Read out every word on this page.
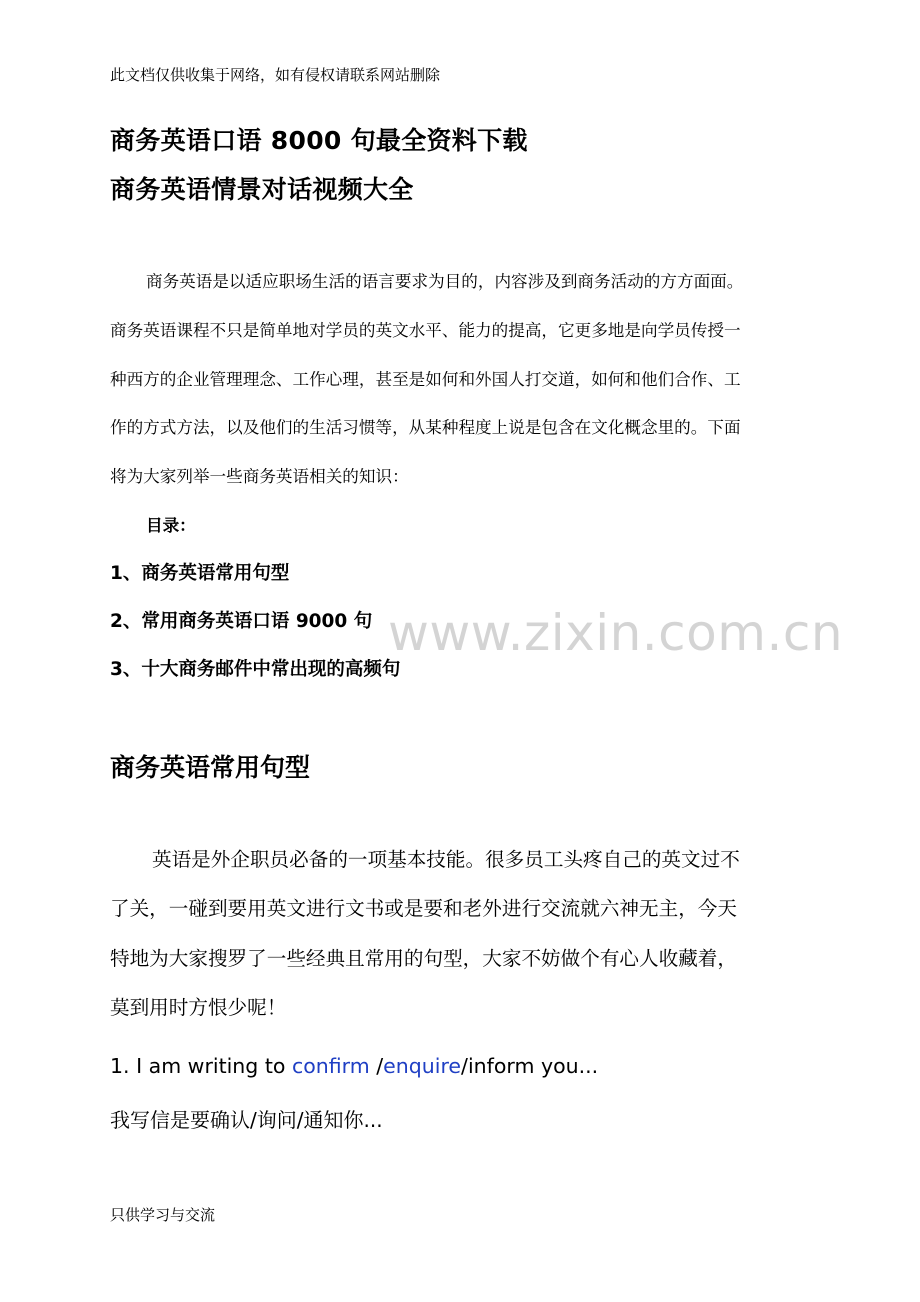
此文档仅供收集于网络，如有侵权请联系网站删除
商务英语口语 8000 句最全资料下载
商务英语情景对话视频大全
商务英语是以适应职场生活的语言要求为目的，内容涉及到商务活动的方方面面。
商务英语课程不只是简单地对学员的英文水平、能力的提高，它更多地是向学员传授一
种西方的企业管理理念、工作心理，甚至是如何和外国人打交道，如何和他们合作、工
作的方式方法，以及他们的生活习惯等，从某种程度上说是包含在文化概念里的。下面
将为大家列举一些商务英语相关的知识：
目录：
1、商务英语常用句型
2、常用商务英语口语 9000 句
3、十大商务邮件中常出现的高频句
www.zixin.com.cn
商务英语常用句型
英语是外企职员必备的一项基本技能。很多员工头疼自己的英文过不
了关，一碰到要用英文进行文书或是要和老外进行交流就六神无主，今天
特地为大家搜罗了一些经典且常用的句型，大家不妨做个有心人收藏着，
莫到用时方恨少呢！
1. I am writing to confirm /enquire/inform you...
我写信是要确认/询问/通知你...
只供学习与交流
